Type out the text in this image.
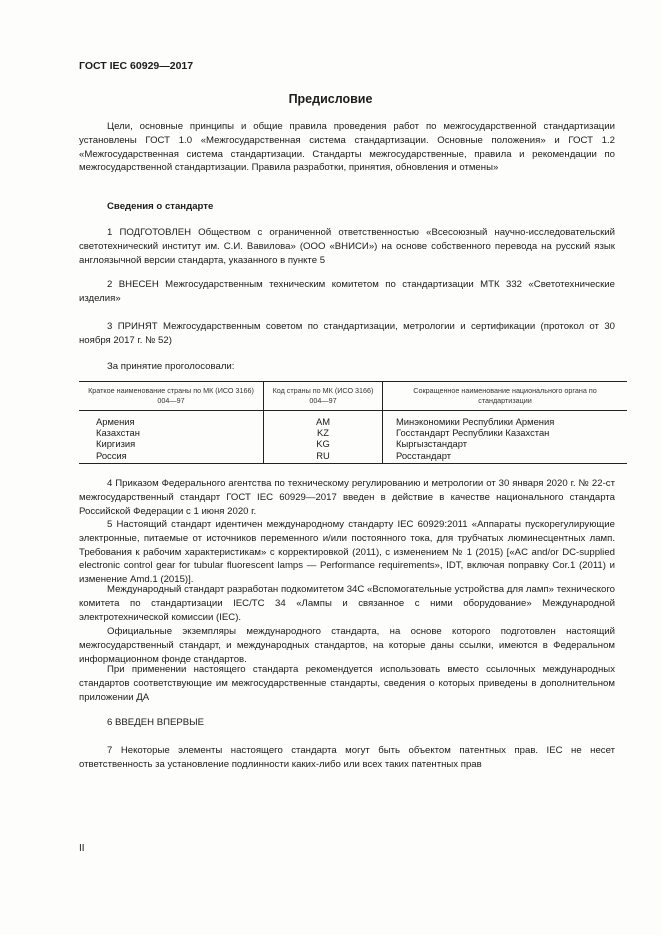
ГОСТ IEC 60929—2017
Предисловие
Цели, основные принципы и общие правила проведения работ по межгосударственной стандартизации установлены ГОСТ 1.0 «Межгосударственная система стандартизации. Основные положения» и ГОСТ 1.2 «Межгосударственная система стандартизации. Стандарты межгосударственные, правила и рекомендации по межгосударственной стандартизации. Правила разработки, принятия, обновления и отмены»
Сведения о стандарте
1 ПОДГОТОВЛЕН Обществом с ограниченной ответственностью «Всесоюзный научно-исследовательский светотехнический институт им. С.И. Вавилова» (ООО «ВНИСИ») на основе собственного перевода на русский язык англоязычной версии стандарта, указанного в пункте 5
2 ВНЕСЕН Межгосударственным техническим комитетом по стандартизации МТК 332 «Светотехнические изделия»
3 ПРИНЯТ Межгосударственным советом по стандартизации, метрологии и сертификации (протокол от 30 ноября 2017 г. № 52)
За принятие проголосовали:
Краткое наименование страны по МК (ИСО 3166) 004—97	Код страны по МК (ИСО 3166) 004—97	Сокращенное наименование национального органа по стандартизации
Армения	AM	Минэкономики Республики Армения
Казахстан	KZ	Госстандарт Республики Казахстан
Киргизия	KG	Кыргызстандарт
Россия	RU	Росстандарт
4 Приказом Федерального агентства по техническому регулированию и метрологии от 30 января 2020 г. № 22-ст межгосударственный стандарт ГОСТ IEC 60929—2017 введен в действие в качестве национального стандарта Российской Федерации с 1 июня 2020 г.
5 Настоящий стандарт идентичен международному стандарту IEC 60929:2011 «Аппараты пускорегулирующие электронные, питаемые от источников переменного и/или постоянного тока, для трубчатых люминесцентных ламп. Требования к рабочим характеристикам» с корректировкой (2011), с изменением № 1 (2015) [«AC and/or DC-supplied electronic control gear for tubular fluorescent lamps — Performance requirements», IDT, включая поправку Cor.1 (2011) и изменение Amd.1 (2015)].
Международный стандарт разработан подкомитетом 34С «Вспомогательные устройства для ламп» технического комитета по стандартизации IEC/TC 34 «Лампы и связанное с ними оборудование» Международной электротехнической комиссии (IEC).
Официальные экземпляры международного стандарта, на основе которого подготовлен настоящий межгосударственный стандарт, и международных стандартов, на которые даны ссылки, имеются в Федеральном информационном фонде стандартов.
При применении настоящего стандарта рекомендуется использовать вместо ссылочных международных стандартов соответствующие им межгосударственные стандарты, сведения о которых приведены в дополнительном приложении ДА
6 ВВЕДЕН ВПЕРВЫЕ
7 Некоторые элементы настоящего стандарта могут быть объектом патентных прав. IEC не несет ответственность за установление подлинности каких-либо или всех таких патентных прав
II
